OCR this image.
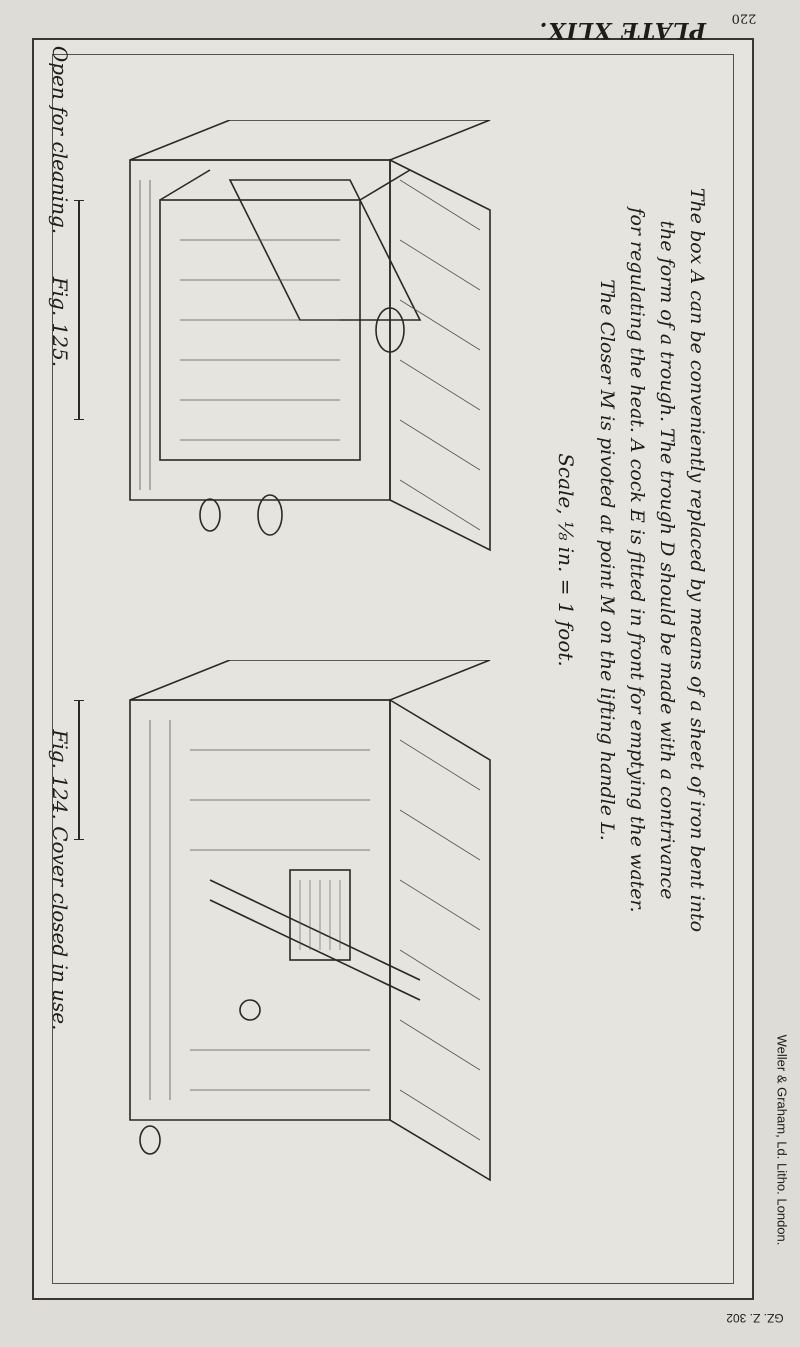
PLATE XLIX.	220
The box A can be conveniently replaced by means of a sheet of iron bent into
the form of a trough. The trough D should be made with a contrivance
for regulating the heat. A cock E is fitted in front for emptying the water.
The Closer M is pivoted at point M on the lifting handle L.
Scale, ⅛ in. = 1 foot.
Fig. 125.
Fig. 124. Cover closed in use.
Open for cleaning.
Weller & Graham, Ld. Litho. London.
GZ. Z. 302
